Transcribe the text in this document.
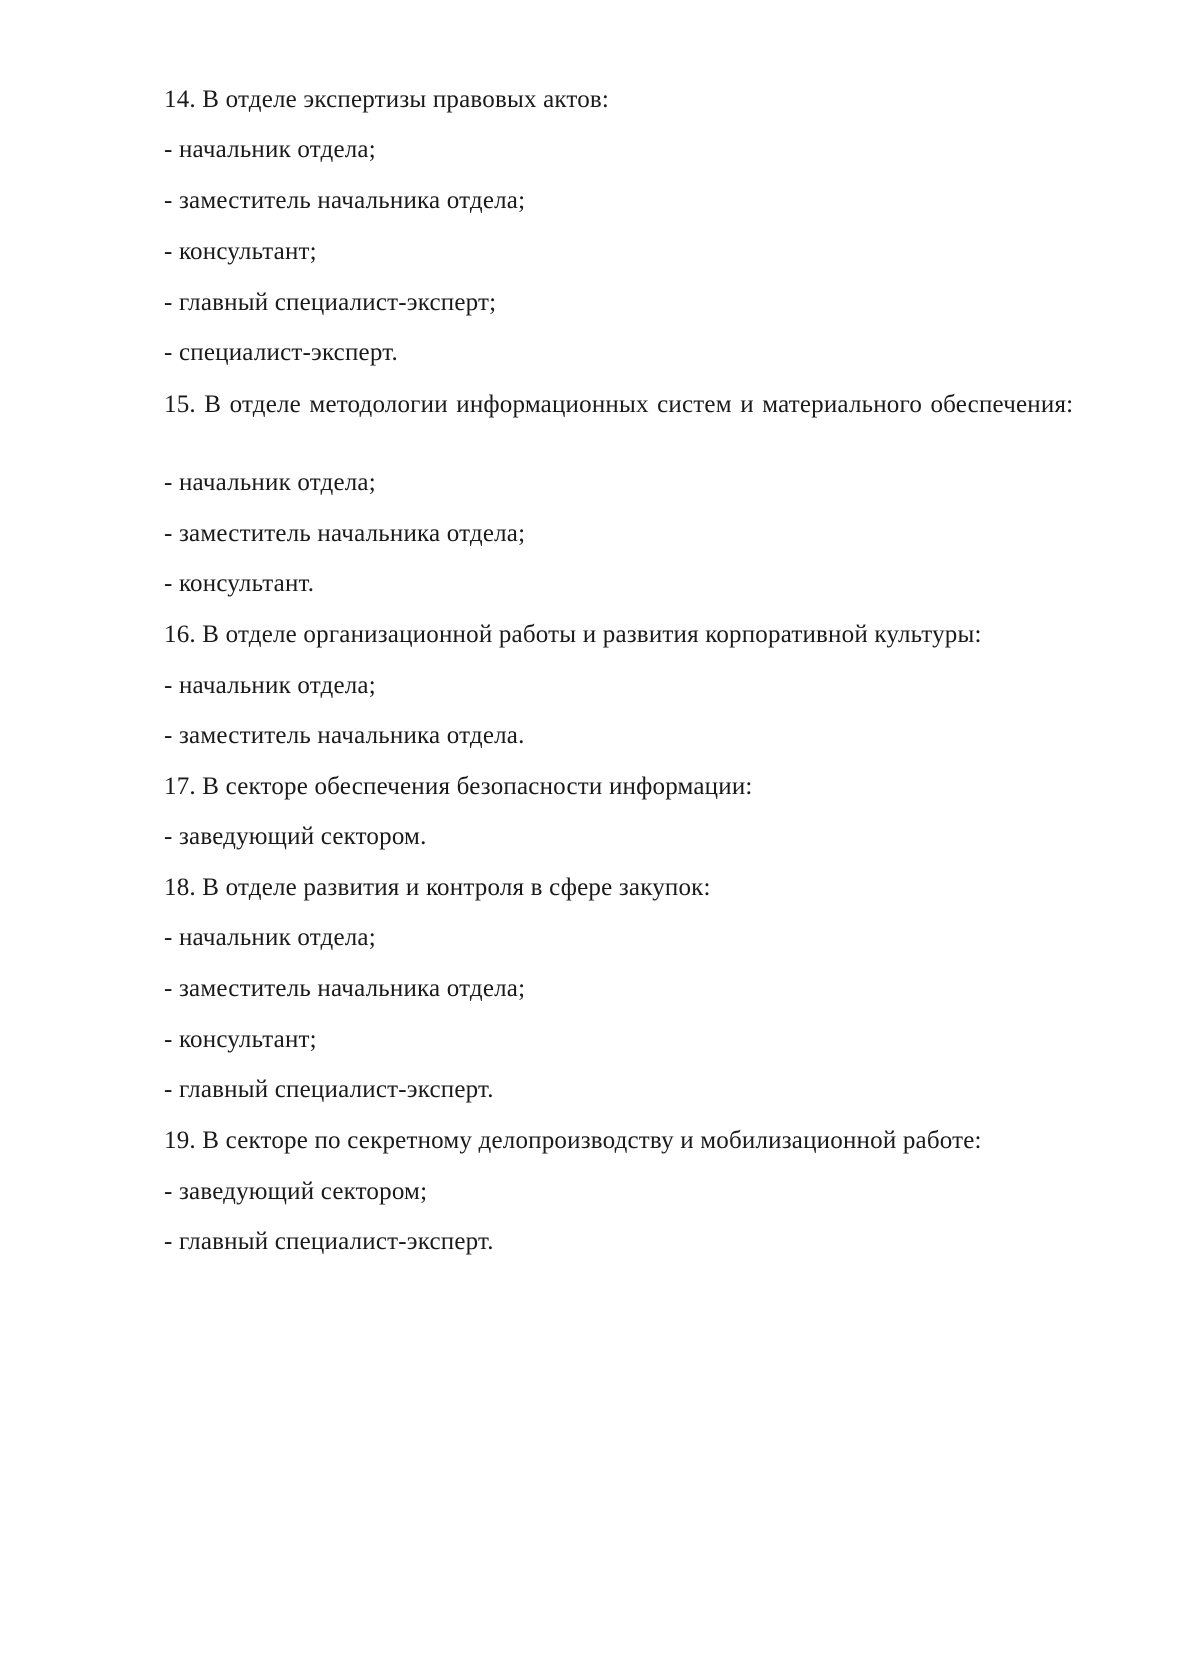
14. В отделе экспертизы правовых актов:
- начальник отдела;
- заместитель начальника отдела;
- консультант;
- главный специалист-эксперт;
- специалист-эксперт.
15. В отделе методологии информационных систем и материального обеспечения:
- начальник отдела;
- заместитель начальника отдела;
- консультант.
16. В отделе организационной работы и развития корпоративной культуры:
- начальник отдела;
- заместитель начальника отдела.
17. В секторе обеспечения безопасности информации:
- заведующий сектором.
18. В отделе развития и контроля в сфере закупок:
- начальник отдела;
- заместитель начальника отдела;
- консультант;
- главный специалист-эксперт.
19. В секторе по секретному делопроизводству и мобилизационной работе:
- заведующий сектором;
- главный специалист-эксперт.
